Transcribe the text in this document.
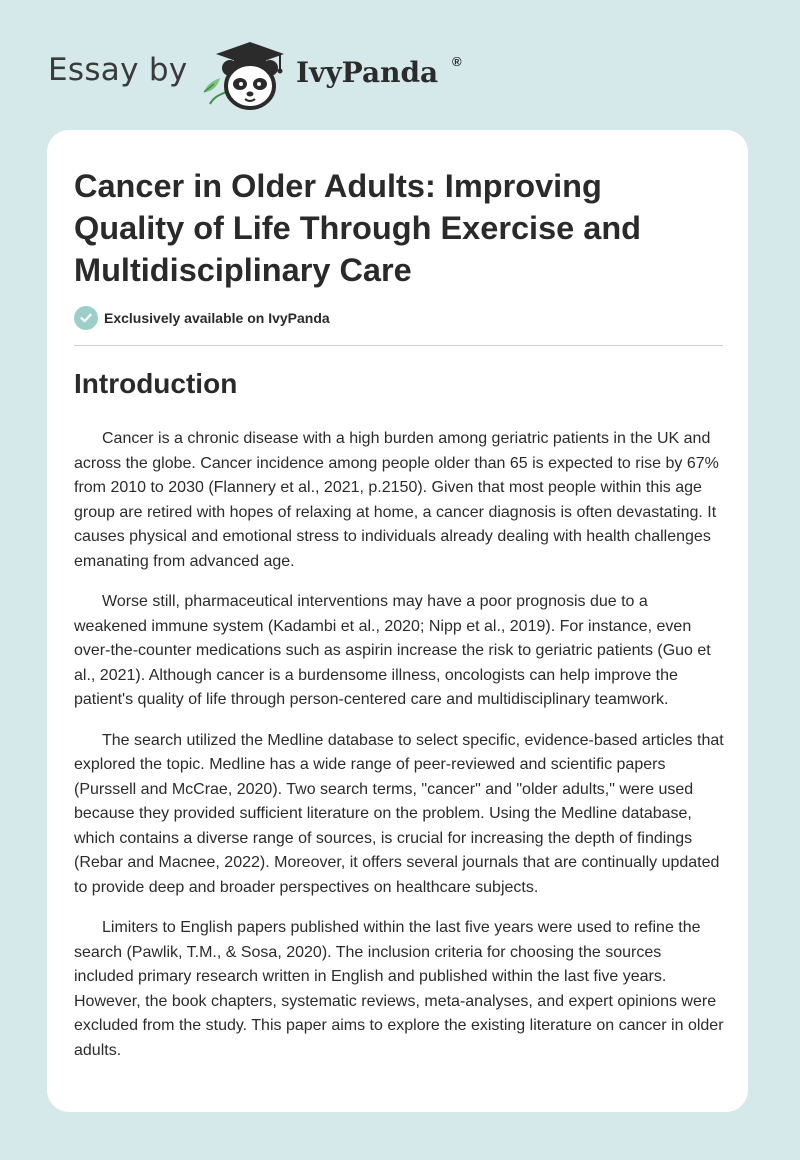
Essay by	IvyPanda ®
Cancer in Older Adults: Improving Quality of Life Through Exercise and Multidisciplinary Care
Exclusively available on IvyPanda
Introduction

Cancer is a chronic disease with a high burden among geriatric patients in the UK and across the globe. Cancer incidence among people older than 65 is expected to rise by 67% from 2010 to 2030 (Flannery et al., 2021, p.2150). Given that most people within this age group are retired with hopes of relaxing at home, a cancer diagnosis is often devastating. It causes physical and emotional stress to individuals already dealing with health challenges emanating from advanced age.

Worse still, pharmaceutical interventions may have a poor prognosis due to a weakened immune system (Kadambi et al., 2020; Nipp et al., 2019). For instance, even over-the-counter medications such as aspirin increase the risk to geriatric patients (Guo et al., 2021). Although cancer is a burdensome illness, oncologists can help improve the patient's quality of life through person-centered care and multidisciplinary teamwork.

The search utilized the Medline database to select specific, evidence-based articles that explored the topic. Medline has a wide range of peer-reviewed and scientific papers (Purssell and McCrae, 2020). Two search terms, "cancer" and "older adults," were used because they provided sufficient literature on the problem. Using the Medline database, which contains a diverse range of sources, is crucial for increasing the depth of findings (Rebar and Macnee, 2022). Moreover, it offers several journals that are continually updated to provide deep and broader perspectives on healthcare subjects.

Limiters to English papers published within the last five years were used to refine the search (Pawlik, T.M., & Sosa, 2020). The inclusion criteria for choosing the sources included primary research written in English and published within the last five years. However, the book chapters, systematic reviews, meta-analyses, and expert opinions were excluded from the study. This paper aims to explore the existing literature on cancer in older adults.
